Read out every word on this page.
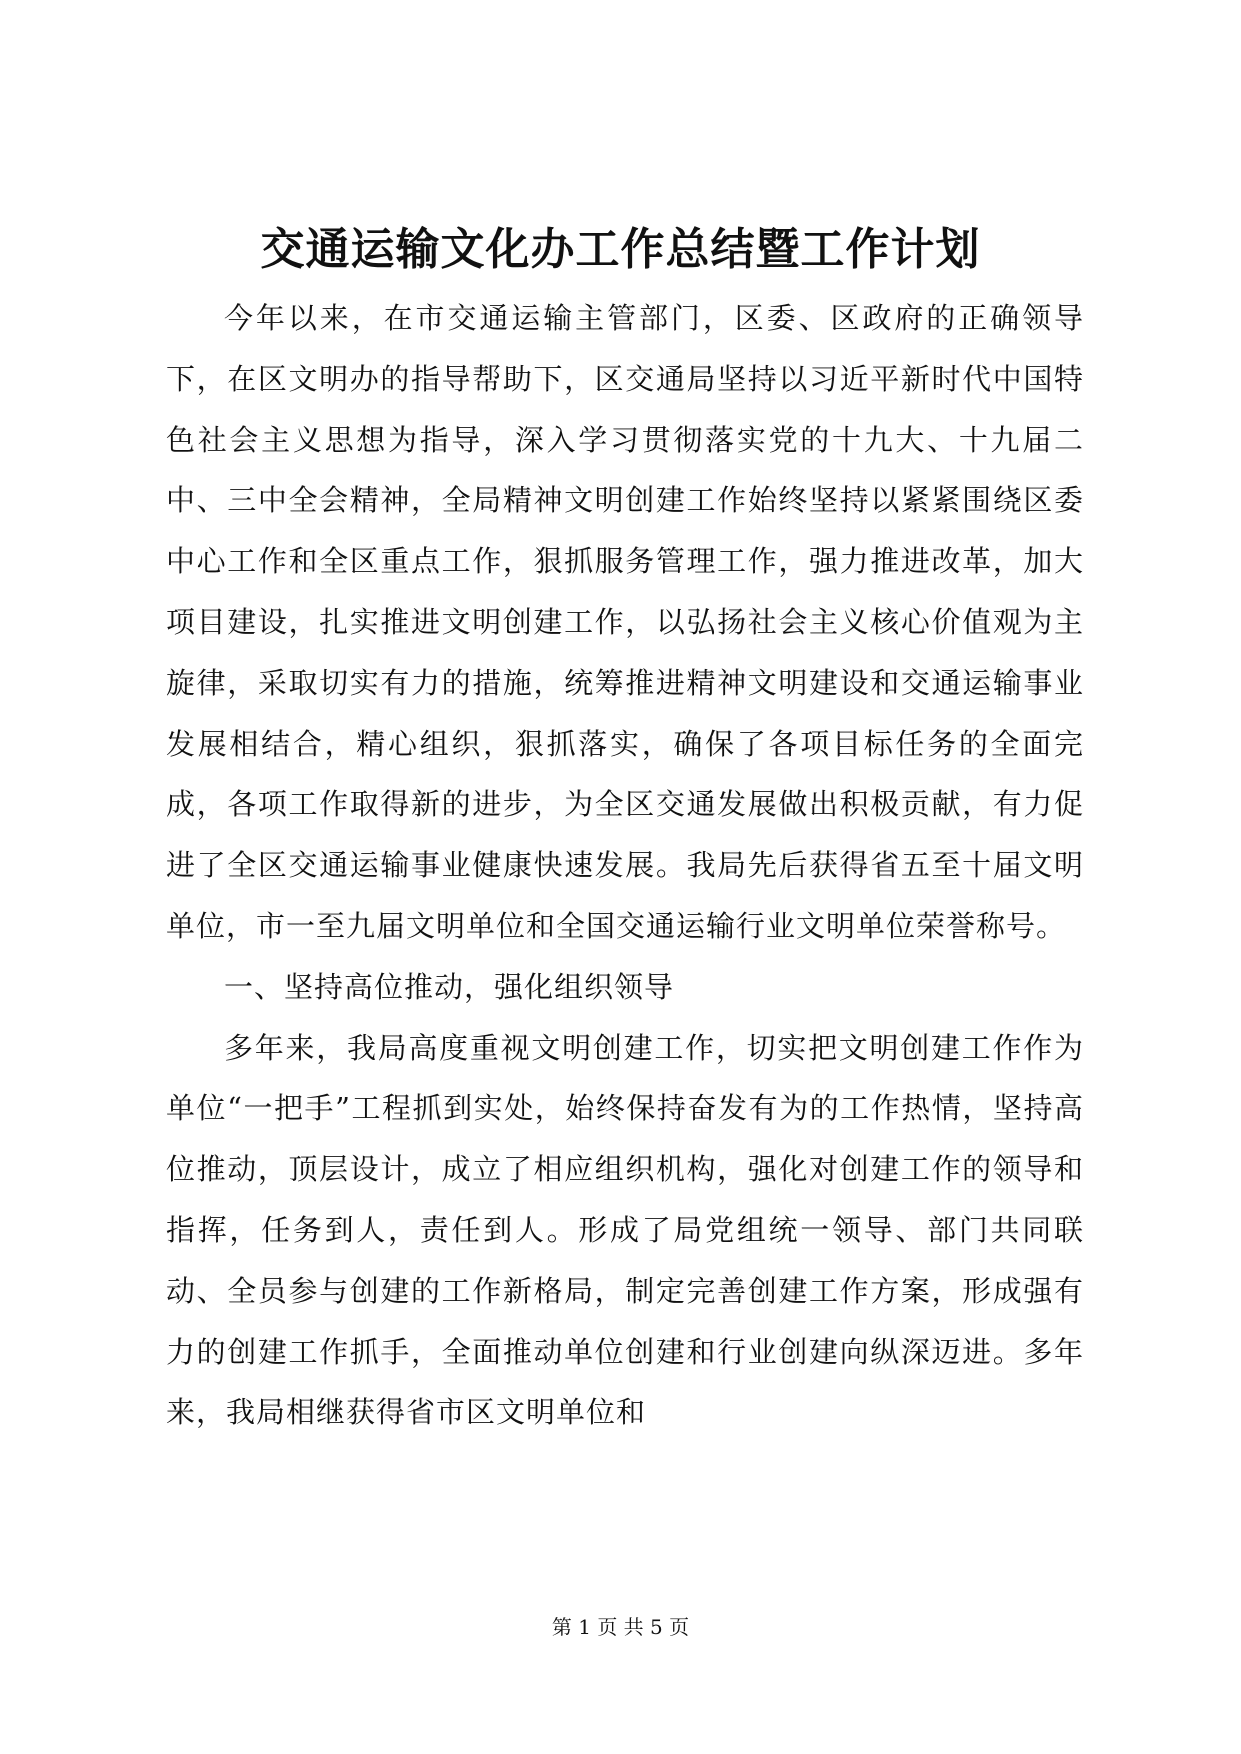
交通运输文化办工作总结暨工作计划

今年以来，在市交通运输主管部门，区委、区政府的正确领导下，在区文明办的指导帮助下，区交通局坚持以习近平新时代中国特色社会主义思想为指导，深入学习贯彻落实党的十九大、十九届二中、三中全会精神，全局精神文明创建工作始终坚持以紧紧围绕区委中心工作和全区重点工作，狠抓服务管理工作，强力推进改革，加大项目建设，扎实推进文明创建工作，以弘扬社会主义核心价值观为主旋律，采取切实有力的措施，统筹推进精神文明建设和交通运输事业发展相结合，精心组织，狠抓落实，确保了各项目标任务的全面完成，各项工作取得新的进步，为全区交通发展做出积极贡献，有力促进了全区交通运输事业健康快速发展。我局先后获得省五至十届文明单位，市一至九届文明单位和全国交通运输行业文明单位荣誉称号。

一、坚持高位推动，强化组织领导

多年来，我局高度重视文明创建工作，切实把文明创建工作作为单位“一把手”工程抓到实处，始终保持奋发有为的工作热情，坚持高位推动，顶层设计，成立了相应组织机构，强化对创建工作的领导和指挥，任务到人，责任到人。形成了局党组统一领导、部门共同联动、全员参与创建的工作新格局，制定完善创建工作方案，形成强有力的创建工作抓手，全面推动单位创建和行业创建向纵深迈进。多年来，我局相继获得省市区文明单位和

第 1 页 共 5 页
